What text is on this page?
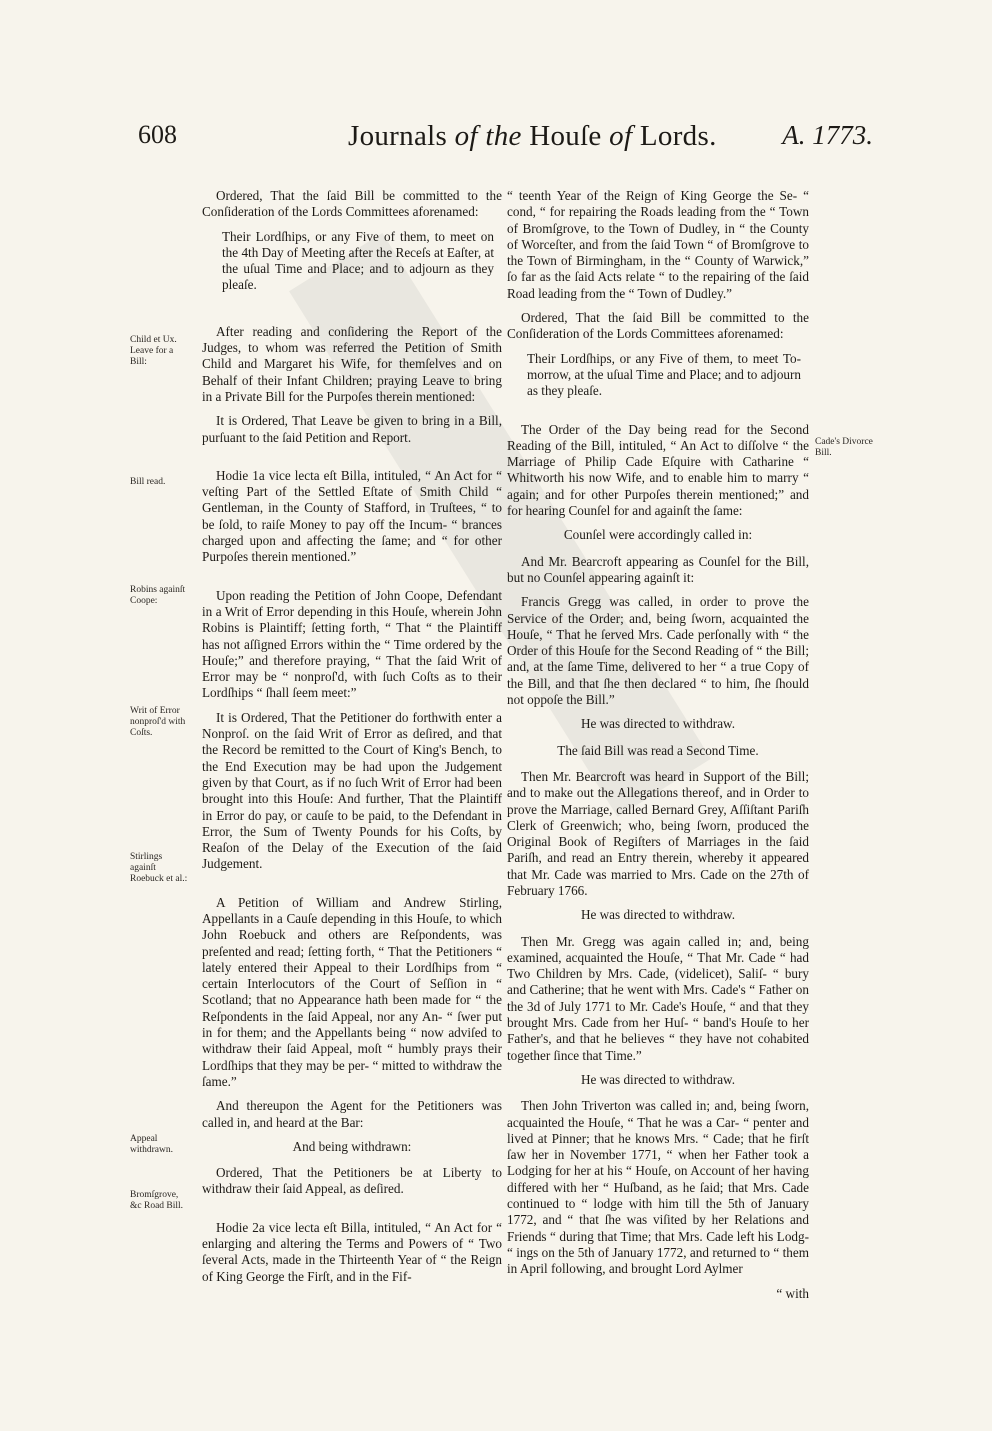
608	Journals of the Houſe of Lords. A. 1773.
Child et Ux. Leave for a Bill:
Bill read.
Robins againſt Coope:
Writ of Error nonproſ'd with Coſts.
Stirlings againſt Roebuck et al.:
Appeal withdrawn.
Bromſgrove, &c Road Bill.
Cade's Divorce Bill.

Ordered, That the ſaid Bill be committed to the Conſideration of the Lords Committees aforenamed:

Their Lordſhips, or any Five of them, to meet on the 4th Day of Meeting after the Receſs at Eaſter, at the uſual Time and Place; and to adjourn as they pleaſe.

After reading and conſidering the Report of the Judges, to whom was referred the Petition of Smith Child and Margaret his Wife, for themſelves and on Behalf of their Infant Children; praying Leave to bring in a Private Bill for the Purpoſes therein mentioned:

It is Ordered, That Leave be given to bring in a Bill, purſuant to the ſaid Petition and Report.

Hodie 1a vice lecta eſt Billa, intituled, “ An Act for “ veſting Part of the Settled Eſtate of Smith Child “ Gentleman, in the County of Stafford, in Truſtees, “ to be ſold, to raiſe Money to pay off the Incum- “ brances charged upon and affecting the ſame; and “ for other Purpoſes therein mentioned.”

Upon reading the Petition of John Coope, Defendant in a Writ of Error depending in this Houſe, wherein John Robins is Plaintiff; ſetting forth, “ That “ the Plaintiff has not aſſigned Errors within the “ Time ordered by the Houſe;” and therefore praying, “ That the ſaid Writ of Error may be “ nonproſ'd, with ſuch Coſts as to their Lordſhips “ ſhall ſeem meet:”

It is Ordered, That the Petitioner do forthwith enter a Nonproſ. on the ſaid Writ of Error as deſired, and that the Record be remitted to the Court of King's Bench, to the End Execution may be had upon the Judgement given by that Court, as if no ſuch Writ of Error had been brought into this Houſe: And further, That the Plaintiff in Error do pay, or cauſe to be paid, to the Defendant in Error, the Sum of Twenty Pounds for his Coſts, by Reaſon of the Delay of the Execution of the ſaid Judgement.

A Petition of William and Andrew Stirling, Appellants in a Cauſe depending in this Houſe, to which John Roebuck and others are Reſpondents, was preſented and read; ſetting forth, “ That the Petitioners “ lately entered their Appeal to their Lordſhips from “ certain Interlocutors of the Court of Seſſion in “ Scotland; that no Appearance hath been made for “ the Reſpondents in the ſaid Appeal, nor any An- “ ſwer put in for them; and the Appellants being “ now adviſed to withdraw their ſaid Appeal, moſt “ humbly prays their Lordſhips that they may be per- “ mitted to withdraw the ſame.”

And thereupon the Agent for the Petitioners was called in, and heard at the Bar:

And being withdrawn:

Ordered, That the Petitioners be at Liberty to withdraw their ſaid Appeal, as deſired.

Hodie 2a vice lecta eſt Billa, intituled, “ An Act for “ enlarging and altering the Terms and Powers of “ Two ſeveral Acts, made in the Thirteenth Year of “ the Reign of King George the Firſt, and in the Fif-

“ teenth Year of the Reign of King George the Se- “ cond, “ for repairing the Roads leading from the “ Town of Bromſgrove, to the Town of Dudley, in “ the County of Worceſter, and from the ſaid Town “ of Bromſgrove to the Town of Birmingham, in the “ County of Warwick,” ſo far as the ſaid Acts relate “ to the repairing of the ſaid Road leading from the “ Town of Dudley.”

Ordered, That the ſaid Bill be committed to the Conſideration of the Lords Committees aforenamed:

Their Lordſhips, or any Five of them, to meet To-morrow, at the uſual Time and Place; and to adjourn as they pleaſe.

The Order of the Day being read for the Second Reading of the Bill, intituled, “ An Act to diſſolve “ the Marriage of Philip Cade Eſquire with Catharine “ Whitworth his now Wife, and to enable him to marry “ again; and for other Purpoſes therein mentioned;” and for hearing Counſel for and againſt the ſame:

Counſel were accordingly called in:

And Mr. Bearcroft appearing as Counſel for the Bill, but no Counſel appearing againſt it:

Francis Gregg was called, in order to prove the Service of the Order; and, being ſworn, acquainted the Houſe, “ That he ſerved Mrs. Cade perſonally with “ the Order of this Houſe for the Second Reading of “ the Bill; and, at the ſame Time, delivered to her “ a true Copy of the Bill, and that ſhe then declared “ to him, ſhe ſhould not oppoſe the Bill.”

He was directed to withdraw.

The ſaid Bill was read a Second Time.

Then Mr. Bearcroft was heard in Support of the Bill; and to make out the Allegations thereof, and in Order to prove the Marriage, called Bernard Grey, Aſſiſtant Pariſh Clerk of Greenwich; who, being ſworn, produced the Original Book of Regiſters of Marriages in the ſaid Pariſh, and read an Entry therein, whereby it appeared that Mr. Cade was married to Mrs. Cade on the 27th of February 1766.

He was directed to withdraw.

Then Mr. Gregg was again called in; and, being examined, acquainted the Houſe, “ That Mr. Cade “ had Two Children by Mrs. Cade, (videlicet), Saliſ- “ bury and Catherine; that he went with Mrs. Cade's “ Father on the 3d of July 1771 to Mr. Cade's Houſe, “ and that they brought Mrs. Cade from her Huſ- “ band's Houſe to her Father's, and that he believes “ they have not cohabited together ſince that Time.”

He was directed to withdraw.

Then John Triverton was called in; and, being ſworn, acquainted the Houſe, “ That he was a Car- “ penter and lived at Pinner; that he knows Mrs. “ Cade; that he firſt ſaw her in November 1771, “ when her Father took a Lodging for her at his “ Houſe, on Account of her having differed with her “ Huſband, as he ſaid; that Mrs. Cade continued to “ lodge with him till the 5th of January 1772, and “ that ſhe was viſited by her Relations and Friends “ during that Time; that Mrs. Cade left his Lodg- “ ings on the 5th of January 1772, and returned to “ them in April following, and brought Lord Aylmer

“ with
